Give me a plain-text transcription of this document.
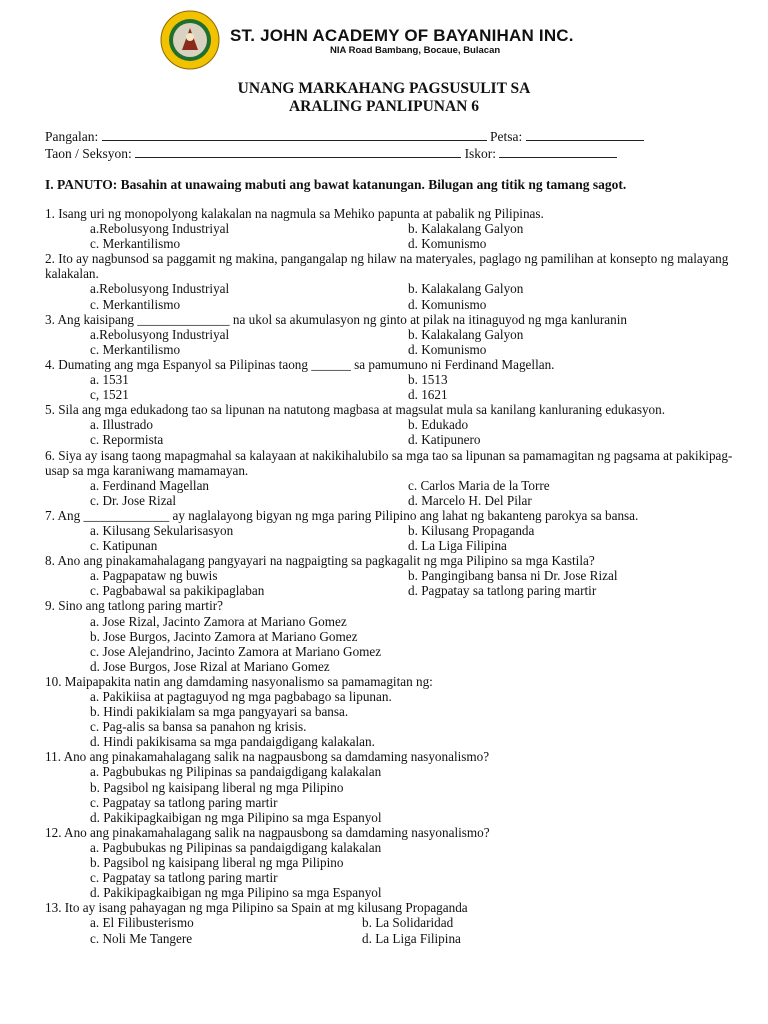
ST. JOHN ACADEMY OF BAYANIHAN INC.
NIA Road Bambang, Bocaue, Bulacan
UNANG MARKAHANG PAGSUSULIT SA
ARALING PANLIPUNAN 6
Pangalan:	Petsa:
Taon / Seksyon:	Iskor:
I. PANUTO: Basahin at unawaing mabuti ang bawat katanungan. Bilugan ang titik ng tamang sagot.
1. Isang uri ng monopolyong kalakalan na nagmula sa Mehiko papunta at pabalik ng Pilipinas.
a.Rebolusyong Industriyal	b. Kalakalang Galyon
c. Merkantilismo	d. Komunismo
2. Ito ay nagbunsod sa paggamit ng makina, pangangalap ng hilaw na materyales, paglago ng pamilihan at konsepto ng malayang kalakalan.
a.Rebolusyong Industriyal	b. Kalakalang Galyon
c. Merkantilismo	d. Komunismo
3. Ang kaisipang ______________ na ukol sa akumulasyon ng ginto at pilak na itinaguyod ng mga kanluranin
a.Rebolusyong Industriyal	b. Kalakalang Galyon
c. Merkantilismo	d. Komunismo
4. Dumating ang mga Espanyol sa Pilipinas taong ______ sa pamumuno ni Ferdinand Magellan.
a. 1531	b. 1513
c, 1521	d. 1621
5. Sila ang mga edukadong tao sa lipunan na natutong magbasa at magsulat mula sa kanilang kanluraning edukasyon.
a. Illustrado	b. Edukado
c. Repormista	d. Katipunero
6. Siya ay isang taong mapagmahal sa kalayaan at nakikihalubilo sa mga tao sa lipunan sa pamamagitan ng pagsama at pakikipag-usap sa mga karaniwang mamamayan.
a. Ferdinand Magellan	c. Carlos Maria de la Torre
c. Dr. Jose Rizal	d. Marcelo H. Del Pilar
7. Ang _____________ ay naglalayong bigyan ng mga paring Pilipino ang lahat ng bakanteng parokya sa bansa.
a. Kilusang Sekularisasyon	b. Kilusang Propaganda
c. Katipunan	d. La Liga Filipina
8. Ano ang pinakamahalagang pangyayari na nagpaigting sa pagkagalit ng mga Pilipino sa mga Kastila?
a. Pagpapataw ng buwis	b. Pangingibang bansa ni Dr. Jose Rizal
c. Pagbabawal sa pakikipaglaban	d. Pagpatay sa tatlong paring martir
9. Sino ang tatlong paring martir?
a. Jose Rizal, Jacinto Zamora at Mariano Gomez
b. Jose Burgos, Jacinto Zamora at Mariano Gomez
c. Jose Alejandrino, Jacinto Zamora at Mariano Gomez
d. Jose Burgos, Jose Rizal at Mariano Gomez
10. Maipapakita natin ang damdaming nasyonalismo sa pamamagitan ng:
a. Pakikiisa at pagtaguyod ng mga pagbabago sa lipunan.
b. Hindi pakikialam sa mga pangyayari sa bansa.
c. Pag-alis sa bansa sa panahon ng krisis.
d. Hindi pakikisama sa mga pandaigdigang kalakalan.
11. Ano ang pinakamahalagang salik na nagpausbong sa damdaming nasyonalismo?
a. Pagbubukas ng Pilipinas sa pandaigdigang kalakalan
b. Pagsibol ng kaisipang liberal ng mga Pilipino
c. Pagpatay sa tatlong paring martir
d. Pakikipagkaibigan ng mga Pilipino sa mga Espanyol
12. Ano ang pinakamahalagang salik na nagpausbong sa damdaming nasyonalismo?
a. Pagbubukas ng Pilipinas sa pandaigdigang kalakalan
b. Pagsibol ng kaisipang liberal ng mga Pilipino
c. Pagpatay sa tatlong paring martir
d. Pakikipagkaibigan ng mga Pilipino sa mga Espanyol
13. Ito ay isang pahayagan ng mga Pilipino sa Spain at mg kilusang Propaganda
a. El Filibusterismo	b. La Solidaridad
c. Noli Me Tangere	d. La Liga Filipina
